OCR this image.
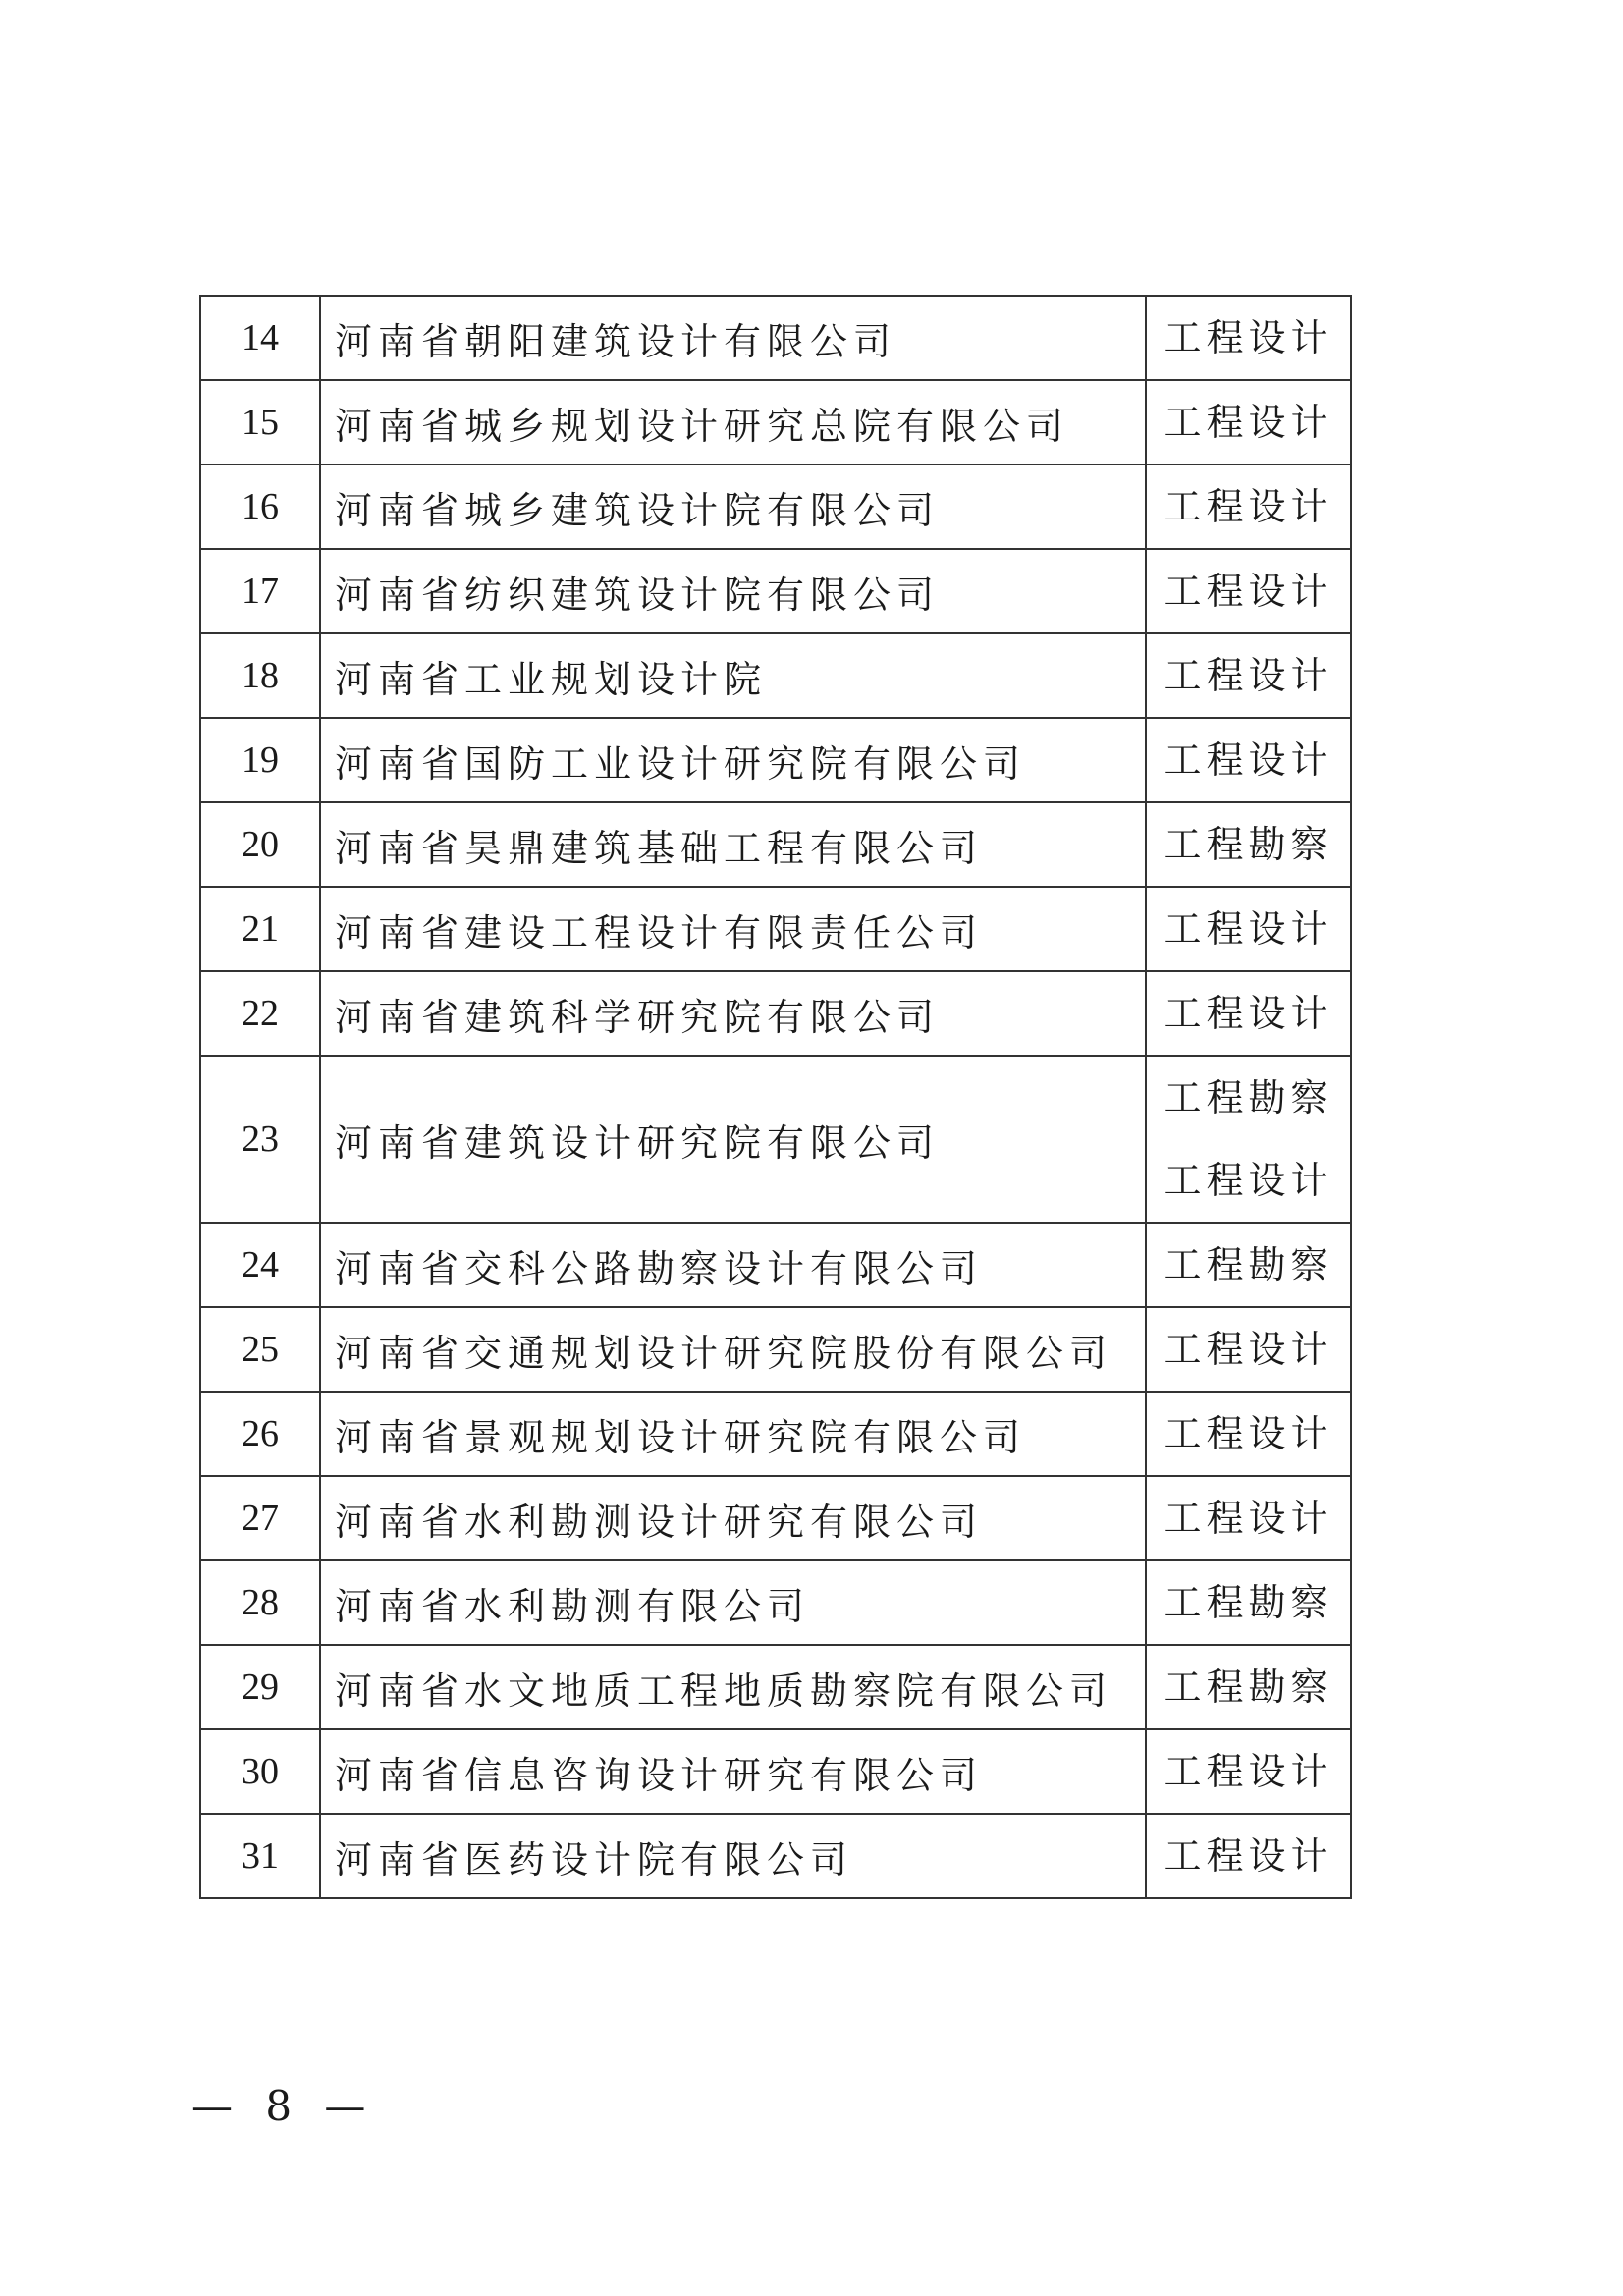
14	河南省朝阳建筑设计有限公司	工程设计

15	河南省城乡规划设计研究总院有限公司	工程设计

16	河南省城乡建筑设计院有限公司	工程设计

17	河南省纺织建筑设计院有限公司	工程设计

18	河南省工业规划设计院	工程设计

19	河南省国防工业设计研究院有限公司	工程设计

20	河南省昊鼎建筑基础工程有限公司	工程勘察

21	河南省建设工程设计有限责任公司	工程设计

22	河南省建筑科学研究院有限公司	工程设计

23	河南省建筑设计研究院有限公司	工程勘察
工程设计

24	河南省交科公路勘察设计有限公司	工程勘察

25	河南省交通规划设计研究院股份有限公司	工程设计

26	河南省景观规划设计研究院有限公司	工程设计

27	河南省水利勘测设计研究有限公司	工程设计

28	河南省水利勘测有限公司	工程勘察

29	河南省水文地质工程地质勘察院有限公司	工程勘察

30	河南省信息咨询设计研究有限公司	工程设计

31	河南省医药设计院有限公司	工程设计
— 8 —
